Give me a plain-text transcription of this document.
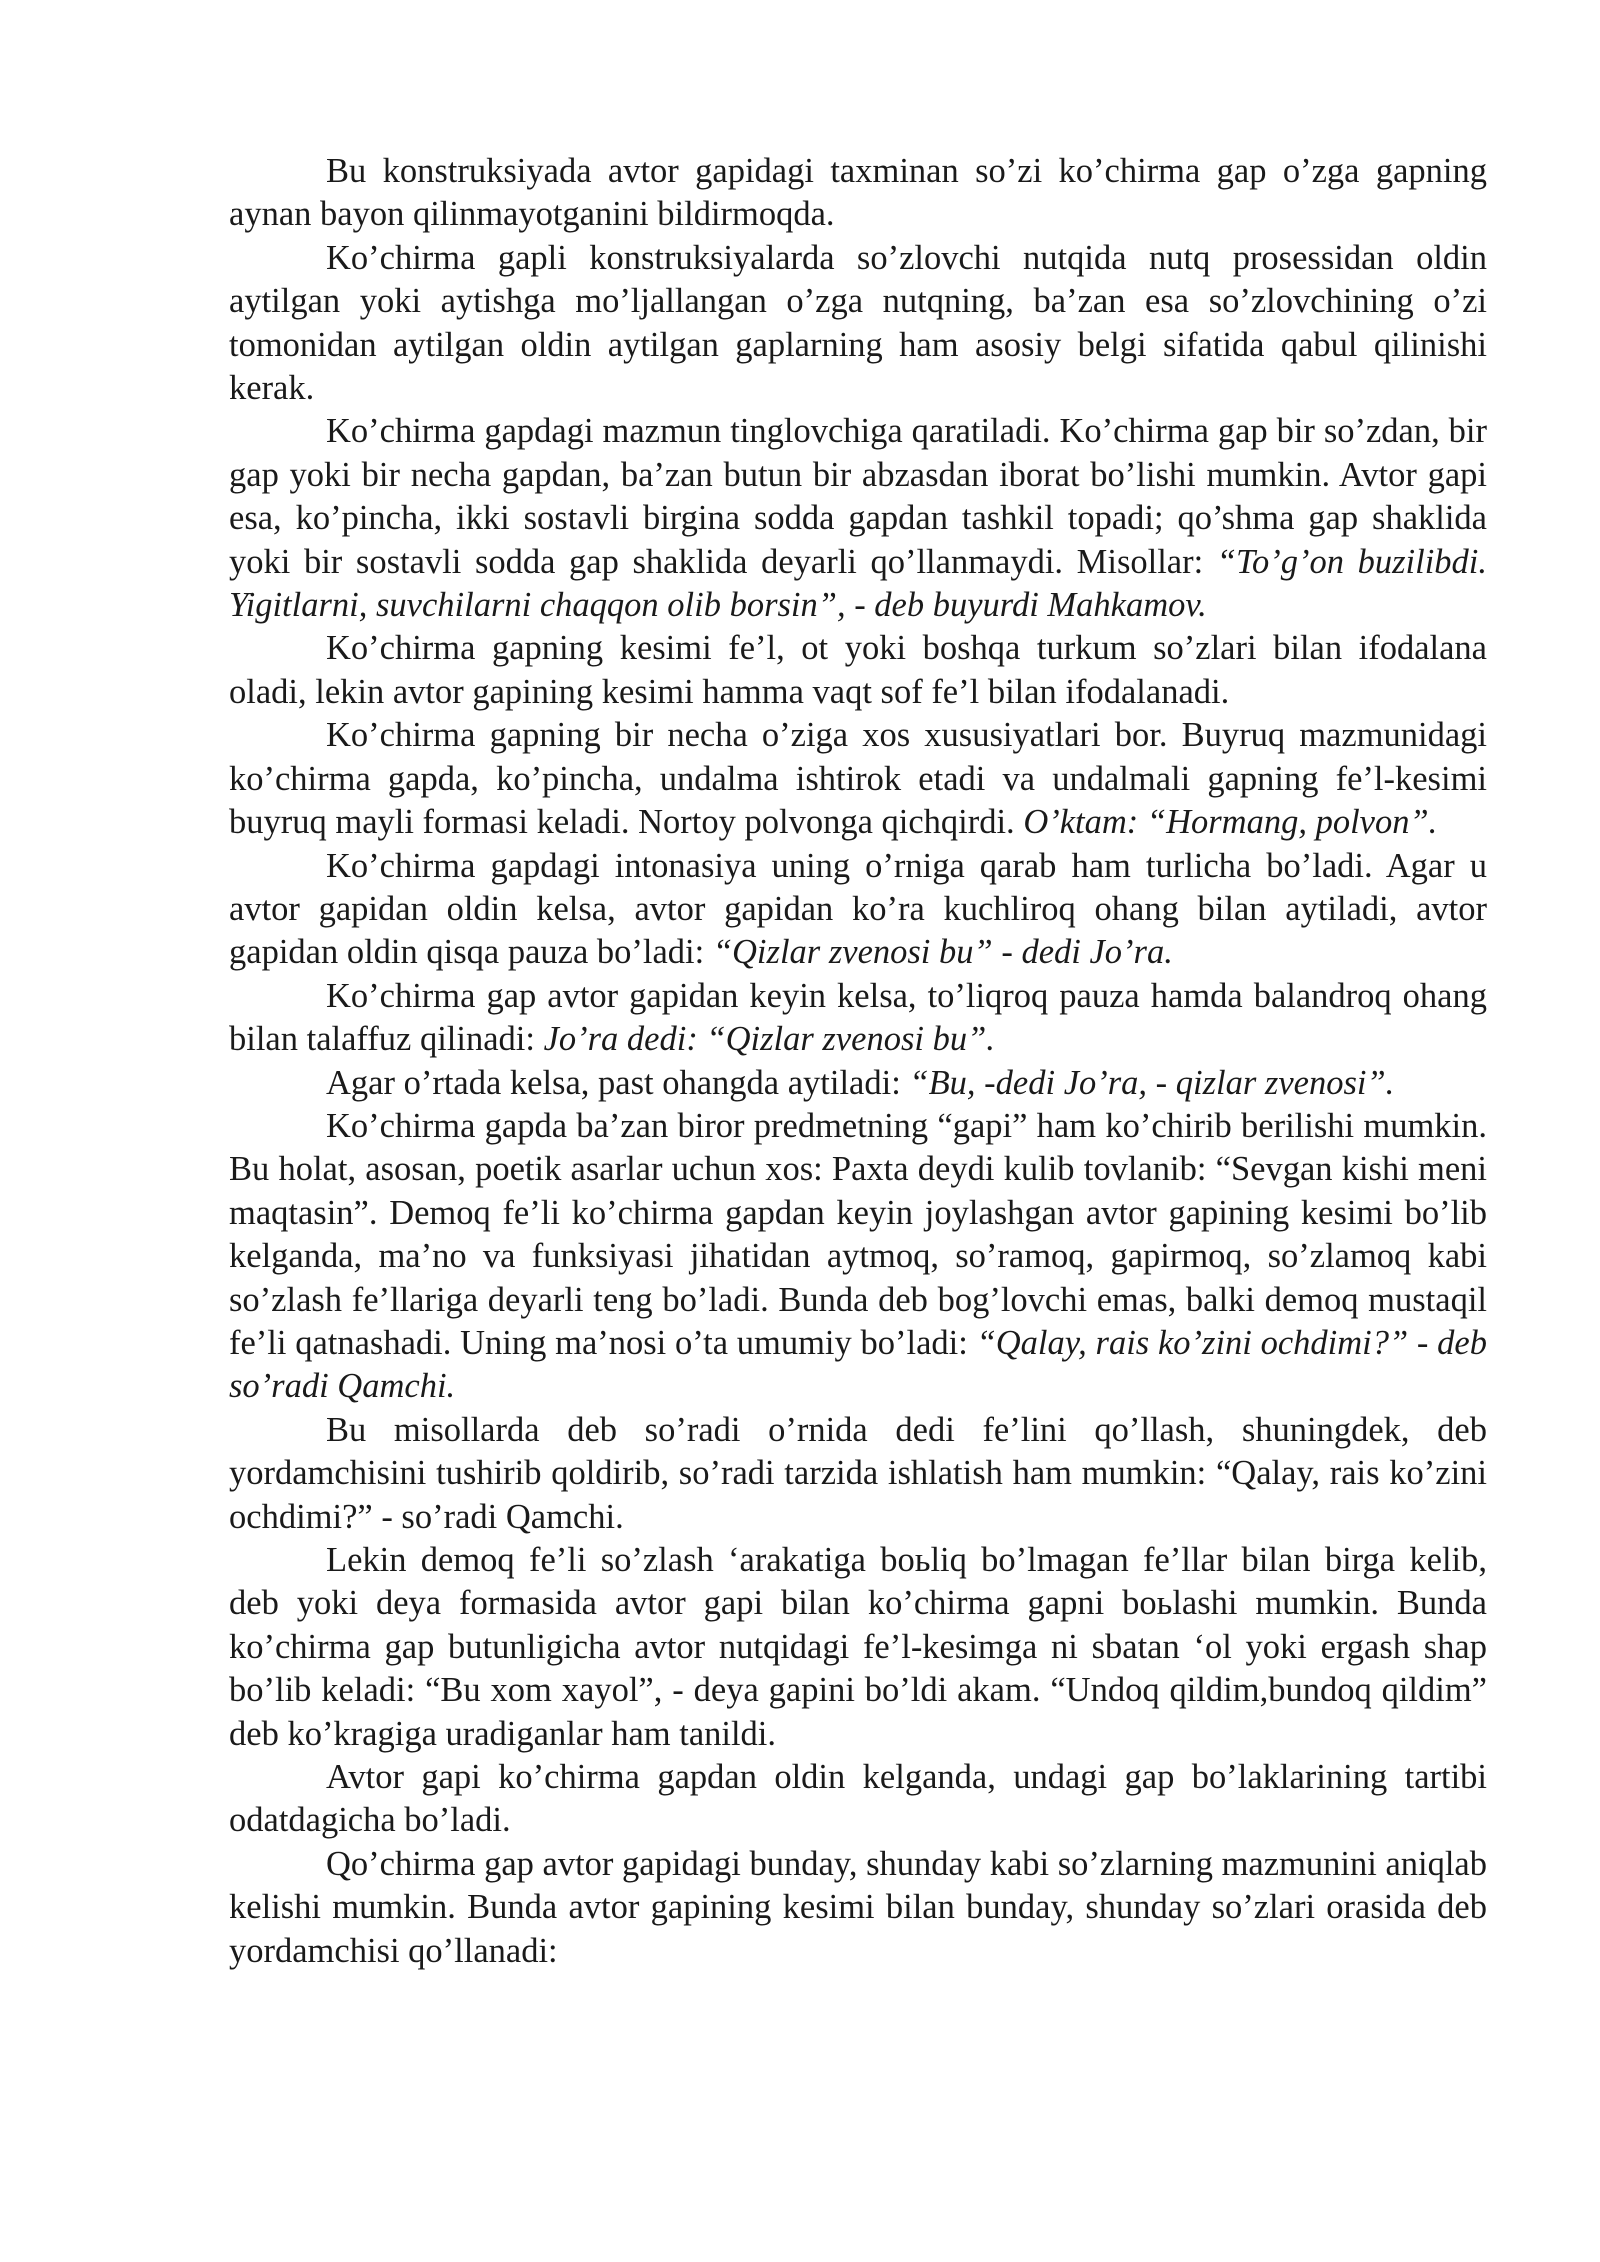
Bu konstruksiyada avtor gapidagi taxminan so’zi ko’chirma gap o’zga gapning aynan bayon qilinmayotganini bildirmoqda.

Ko’chirma gapli konstruksiyalarda so’zlovchi nutqida nutq prosessidan oldin aytilgan yoki aytishga mo’ljallangan o’zga nutqning, ba’zan esa so’zlovchining o’zi tomonidan aytilgan oldin aytilgan gaplarning ham asosiy belgi sifatida qabul qilinishi kerak.

Ko’chirma gapdagi mazmun tinglovchiga qaratiladi. Ko’chirma gap bir so’zdan, bir gap yoki bir necha gapdan, ba’zan butun bir abzasdan iborat bo’lishi mumkin. Avtor gapi esa, ko’pincha, ikki sostavli birgina sodda gapdan tashkil topadi; qo’shma gap shaklida yoki bir sostavli sodda gap shaklida deyarli qo’llanmaydi. Misollar: “To’g’on buzilibdi. Yigitlarni, suvchilarni chaqqon olib borsin”, - deb buyurdi Mahkamov.

Ko’chirma gapning kesimi fe’l, ot yoki boshqa turkum so’zlari bilan ifodalana oladi, lekin avtor gapining kesimi hamma vaqt sof fe’l bilan ifodalanadi.

Ko’chirma gapning bir necha o’ziga xos xususiyatlari bor. Buyruq mazmunidagi ko’chirma gapda, ko’pincha, undalma ishtirok etadi va undalmali gapning fe’l-kesimi buyruq mayli formasi keladi. Nortoy polvonga qichqirdi. O’ktam: “Hormang, polvon”.

Ko’chirma gapdagi intonasiya uning o’rniga qarab ham turlicha bo’ladi. Agar u avtor gapidan oldin kelsa, avtor gapidan ko’ra kuchliroq ohang bilan aytiladi, avtor gapidan oldin qisqa pauza bo’ladi: “Qizlar zvenosi bu” - dedi Jo’ra.

Ko’chirma gap avtor gapidan keyin kelsa, to’liqroq pauza hamda balandroq ohang bilan talaffuz qilinadi: Jo’ra dedi: “Qizlar zvenosi bu”.

Agar o’rtada kelsa, past ohangda aytiladi: “Bu, -dedi Jo’ra, - qizlar zvenosi”.

Ko’chirma gapda ba’zan biror predmetning “gapi” ham ko’chirib berilishi mumkin. Bu holat, asosan, poetik asarlar uchun xos: Paxta deydi kulib tovlanib: “Sevgan kishi meni maqtasin”. Demoq fe’li ko’chirma gapdan keyin joylashgan avtor gapining kesimi bo’lib kelganda, ma’no va funksiyasi jihatidan aytmoq, so’ramoq, gapirmoq, so’zlamoq kabi so’zlash fe’llariga deyarli teng bo’ladi. Bunda deb bog’lovchi emas, balki demoq mustaqil fe’li qatnashadi. Uning ma’nosi o’ta umumiy bo’ladi: “Qalay, rais ko’zini ochdimi?” - deb so’radi Qamchi.

Bu misollarda deb so’radi o’rnida dedi fe’lini qo’llash, shuningdek, deb yordamchisini tushirib qoldirib, so’radi tarzida ishlatish ham mumkin: “Qalay, rais ko’zini ochdimi?” - so’radi Qamchi.

Lekin demoq fe’li so’zlash ‘arakatiga boьliq bo’lmagan fe’llar bilan birga kelib, deb yoki deya formasida avtor gapi bilan ko’chirma gapni boьlashi mumkin. Bunda ko’chirma gap butunligicha avtor nutqidagi fe’l-kesimga ni sbatan ‘ol yoki ergash shap bo’lib keladi: “Bu xom xayol”, - deya gapini bo’ldi akam. “Undoq qildim,bundoq qildim” deb ko’kragiga uradiganlar ham tanildi.

Avtor gapi ko’chirma gapdan oldin kelganda, undagi gap bo’laklarining tartibi odatdagicha bo’ladi.

Qo’chirma gap avtor gapidagi bunday, shunday kabi so’zlarning mazmunini aniqlab kelishi mumkin. Bunda avtor gapining kesimi bilan bunday, shunday so’zlari orasida deb yordamchisi qo’llanadi:
